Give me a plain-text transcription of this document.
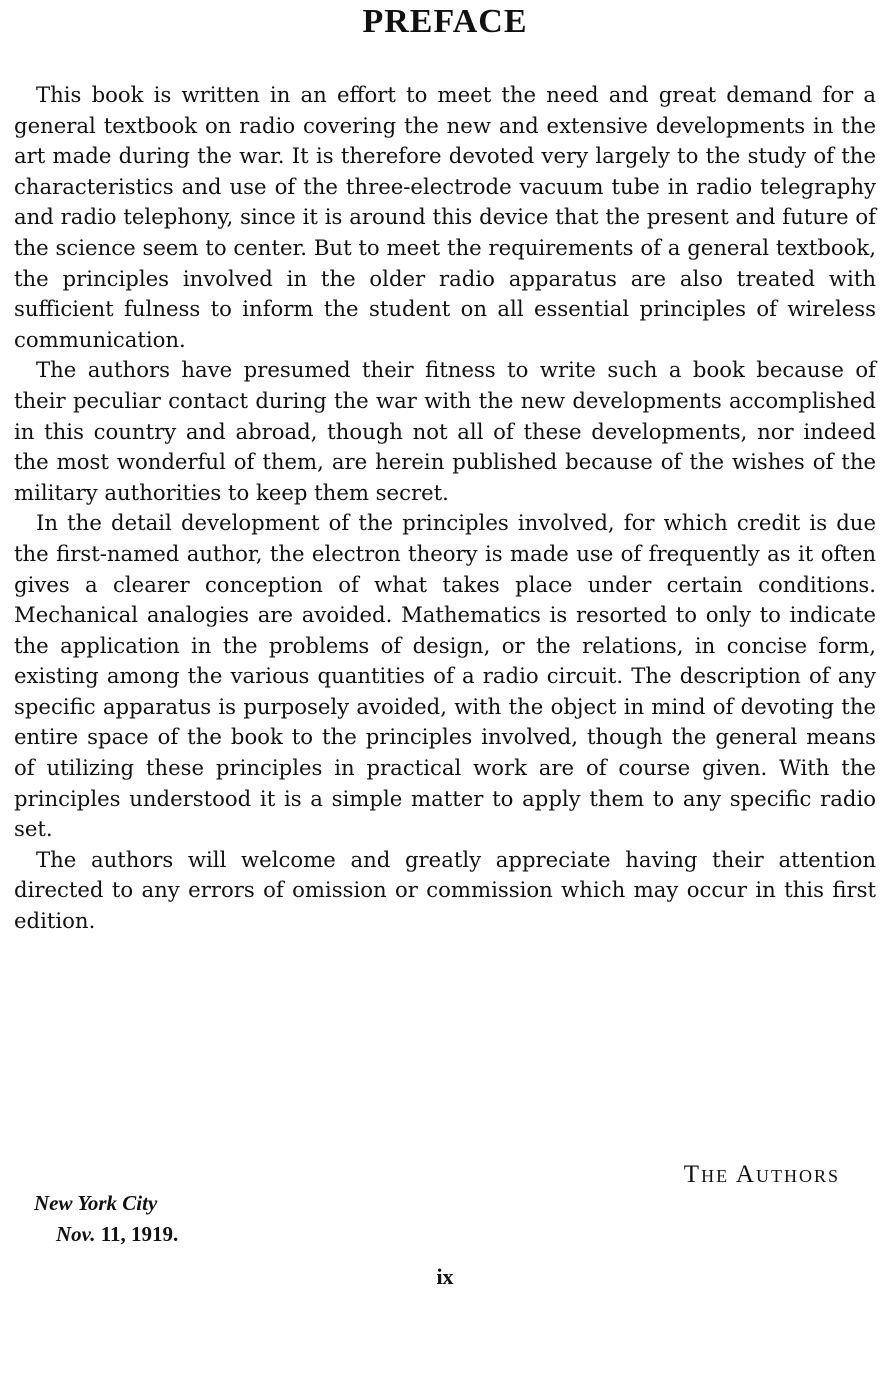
PREFACE

This book is written in an effort to meet the need and great demand for a general textbook on radio covering the new and extensive developments in the art made during the war. It is therefore devoted very largely to the study of the characteristics and use of the three-electrode vacuum tube in radio telegraphy and radio telephony, since it is around this device that the present and future of the science seem to center. But to meet the requirements of a general textbook, the principles involved in the older radio apparatus are also treated with sufficient fulness to inform the student on all essential principles of wireless communication.

The authors have presumed their fitness to write such a book because of their peculiar contact during the war with the new developments accomplished in this country and abroad, though not all of these developments, nor indeed the most wonderful of them, are herein published because of the wishes of the military authorities to keep them secret.

In the detail development of the principles involved, for which credit is due the first-named author, the electron theory is made use of frequently as it often gives a clearer conception of what takes place under certain conditions. Mechanical analogies are avoided. Mathematics is resorted to only to indicate the application in the problems of design, or the relations, in concise form, existing among the various quantities of a radio circuit. The description of any specific apparatus is purposely avoided, with the object in mind of devoting the entire space of the book to the principles involved, though the general means of utilizing these principles in practical work are of course given. With the principles understood it is a simple matter to apply them to any specific radio set.

The authors will welcome and greatly appreciate having their attention directed to any errors of omission or commission which may occur in this first edition.

The Authors
New York City
Nov. 11, 1919.
ix
